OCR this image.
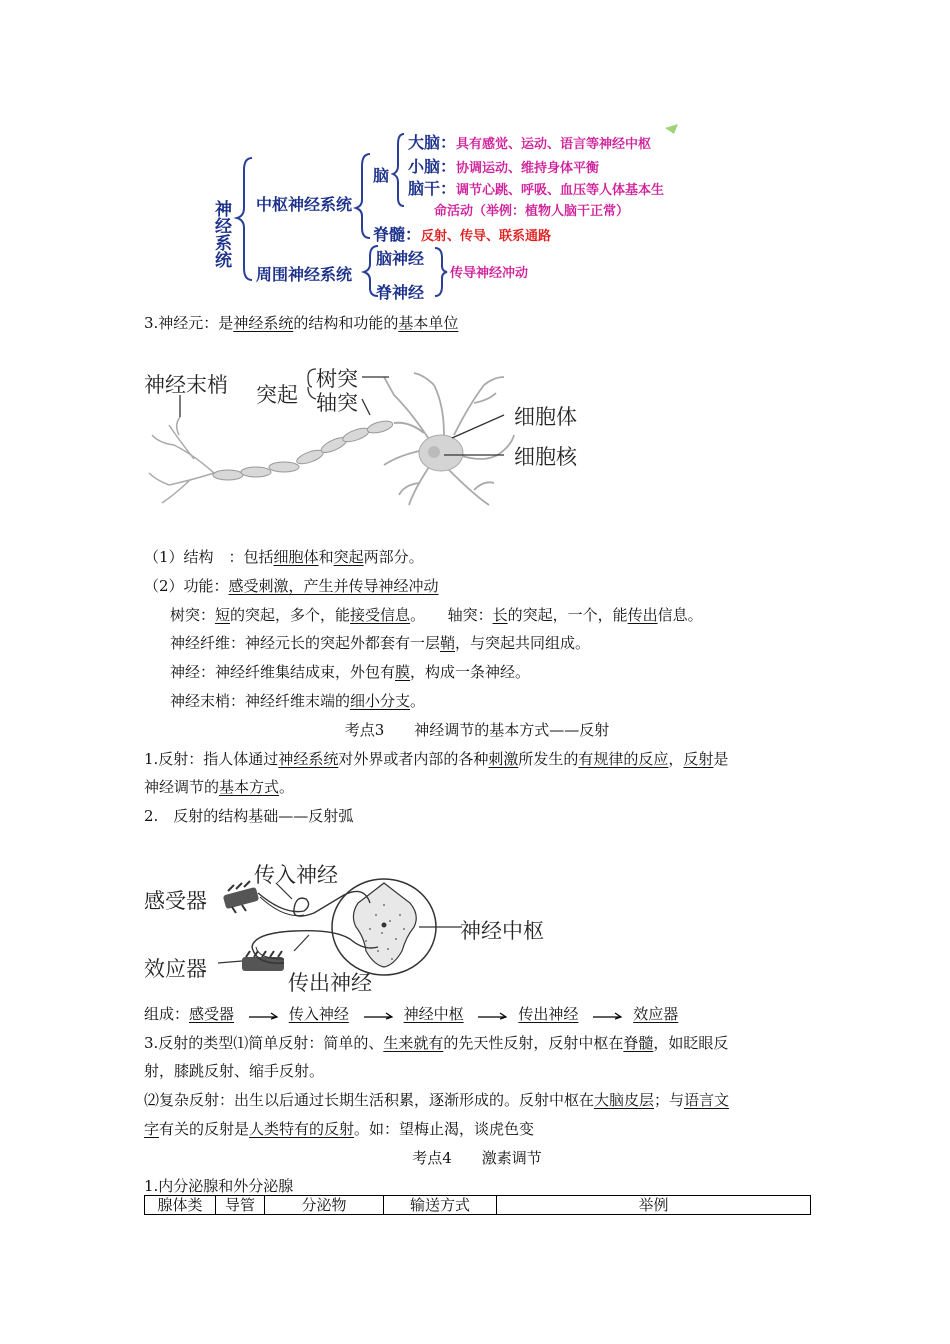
神经系统
中枢神经系统
脑
大脑：具有感觉、运动、语言等神经中枢
小脑：协调运动、维持身体平衡
脑干：调节心跳、呼吸、血压等人体基本生
命活动（举例：植物人脑干正常）
脊髓：反射、传导、联系通路
周围神经系统
脑神经
脊神经
传导神经冲动
3.神经元：是神经系统的结构和功能的基本单位
神经末梢 突起
树突
轴突
细胞体
细胞核
（1）结构　：包括细胞体和突起两部分。
（2）功能：感受刺激，产生并传导神经冲动
树突：短的突起，多个，能接受信息。　　轴突：长的突起，一个，能传出信息。
神经纤维：神经元长的突起外都套有一层鞘，与突起共同组成。
神经：神经纤维集结成束，外包有膜，构成一条神经。
神经末梢：神经纤维末端的细小分支。
考点3　　神经调节的基本方式——反射
1.反射：指人体通过神经系统对外界或者内部的各种刺激所发生的有规律的反应，反射是
神经调节的基本方式。
2.　反射的结构基础——反射弧
传入神经
感受器
神经中枢
效应器
传出神经
组成：感受器	传入神经	神经中枢	传出神经	效应器
3.反射的类型⑴简单反射：简单的、生来就有的先天性反射，反射中枢在脊髓，如眨眼反
射，膝跳反射、缩手反射。
⑵复杂反射：出生以后通过长期生活积累，逐渐形成的。反射中枢在大脑皮层；与语言文
字有关的反射是人类特有的反射。如：望梅止渴，谈虎色变
考点4　　激素调节
1.内分泌腺和外分泌腺
腺体类	导管	分泌物	输送方式	举例
